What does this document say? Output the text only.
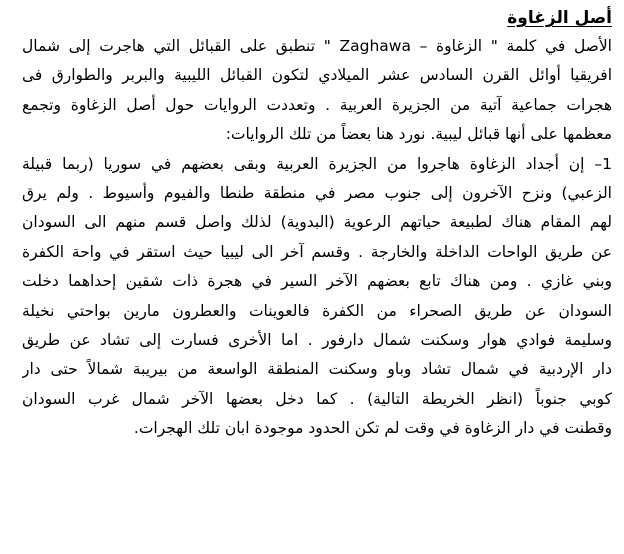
أصل الزغاوة
الأصل في كلمة " الزغاوة – Zaghawa " تنطبق على القبائل التي هاجرت إلى شمال
افريقيا أوائل القرن السادس عشر الميلادي لتكون القبائل الليبية والبربر والطوارق فى
هجرات جماعية آتية من الجزيرة العربية . وتعددت الروايات حول أصل الزغاوة وتجمع
معظمها على أنها قبائل ليبية. نورد هنا بعضاً من تلك الروايات:
1– إن أجداد الزغاوة هاجروا من الجزيرة العربية وبقى بعضهم في سوريا (ربما قبيلة
الزعبي) ونزح الآخرون إلى جنوب مصر في منطقة طنطا والفيوم وأسيوط . ولم يرق
لهم المقام هناك لطبيعة حياتهم الرعوية (البدوية) لذلك واصل قسم منهم الى السودان
عن طريق الواحات الداخلة والخارجة . وقسم آخر الى ليبيا حيث استقر في واحة الكفرة
وبني غازي . ومن هناك تابع بعضهم الآخر السير في هجرة ذات شقين إحداهما دخلت
السودان عن طريق الصحراء من الكفرة فالعوينات والعطرون مارين بواحتي نخيلة
وسليمة فوادي هوار وسكنت شمال دارفور . اما الأخرى فسارت إلى تشاد عن طريق
دار الإردبية في شمال تشاد وباو وسكنت المنطقة الواسعة من بيريبة شمالاً حتى دار
كوبي جنوباً (انظر الخريطة التالية) . كما دخل بعضها الآخر شمال غرب السودان
وقطنت في دار الزغاوة في وقت لم تكن الحدود موجودة ابان تلك الهجرات.
